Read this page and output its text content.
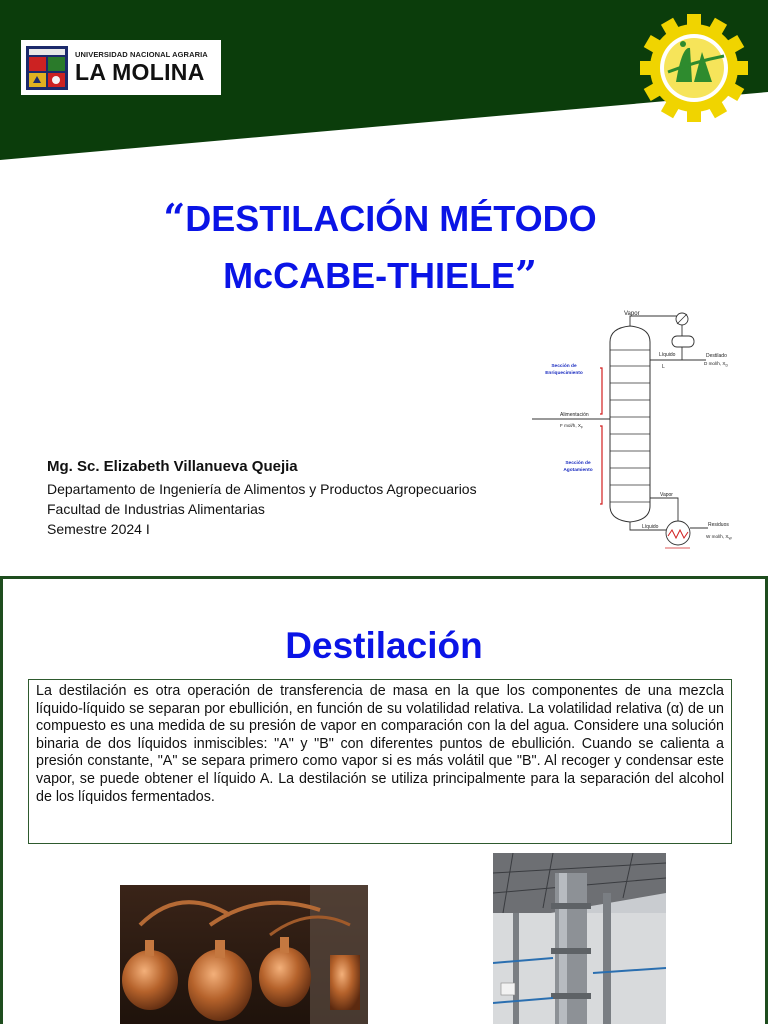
UNIVERSIDAD NACIONAL AGRARIA
LA MOLINA
“DESTILACIÓN MÉTODO
McCABE-THIELE”
Mg. Sc. Elizabeth Villanueva Quejia
Departamento de Ingeniería de Alimentos y Productos Agropecuarios
Facultad de Industrias Alimentarias
Semestre 2024 I
Vapor
Líquido
L
Destilado
D mol/h, $X_D$
Sección de
Enriquecimiento
Alimentación
F mol/h, $X_F$
Sección de
Agotamiento
Vapor
Líquido	Residuos
W mol/h, $X_W$
Destilación
La destilación es otra operación de transferencia de masa en la que los componentes de una mezcla líquido-líquido se separan por ebullición, en función de su volatilidad relativa. La volatilidad relativa (α) de un compuesto es una medida de su presión de vapor en comparación con la del agua. Considere una solución binaria de dos líquidos inmiscibles: "A" y "B" con diferentes puntos de ebullición. Cuando se calienta a presión constante, "A" se separa primero como vapor si es más volátil que "B". Al recoger y condensar este vapor, se puede obtener el líquido A. La destilación se utiliza principalmente para la separación del alcohol de los líquidos fermentados.
